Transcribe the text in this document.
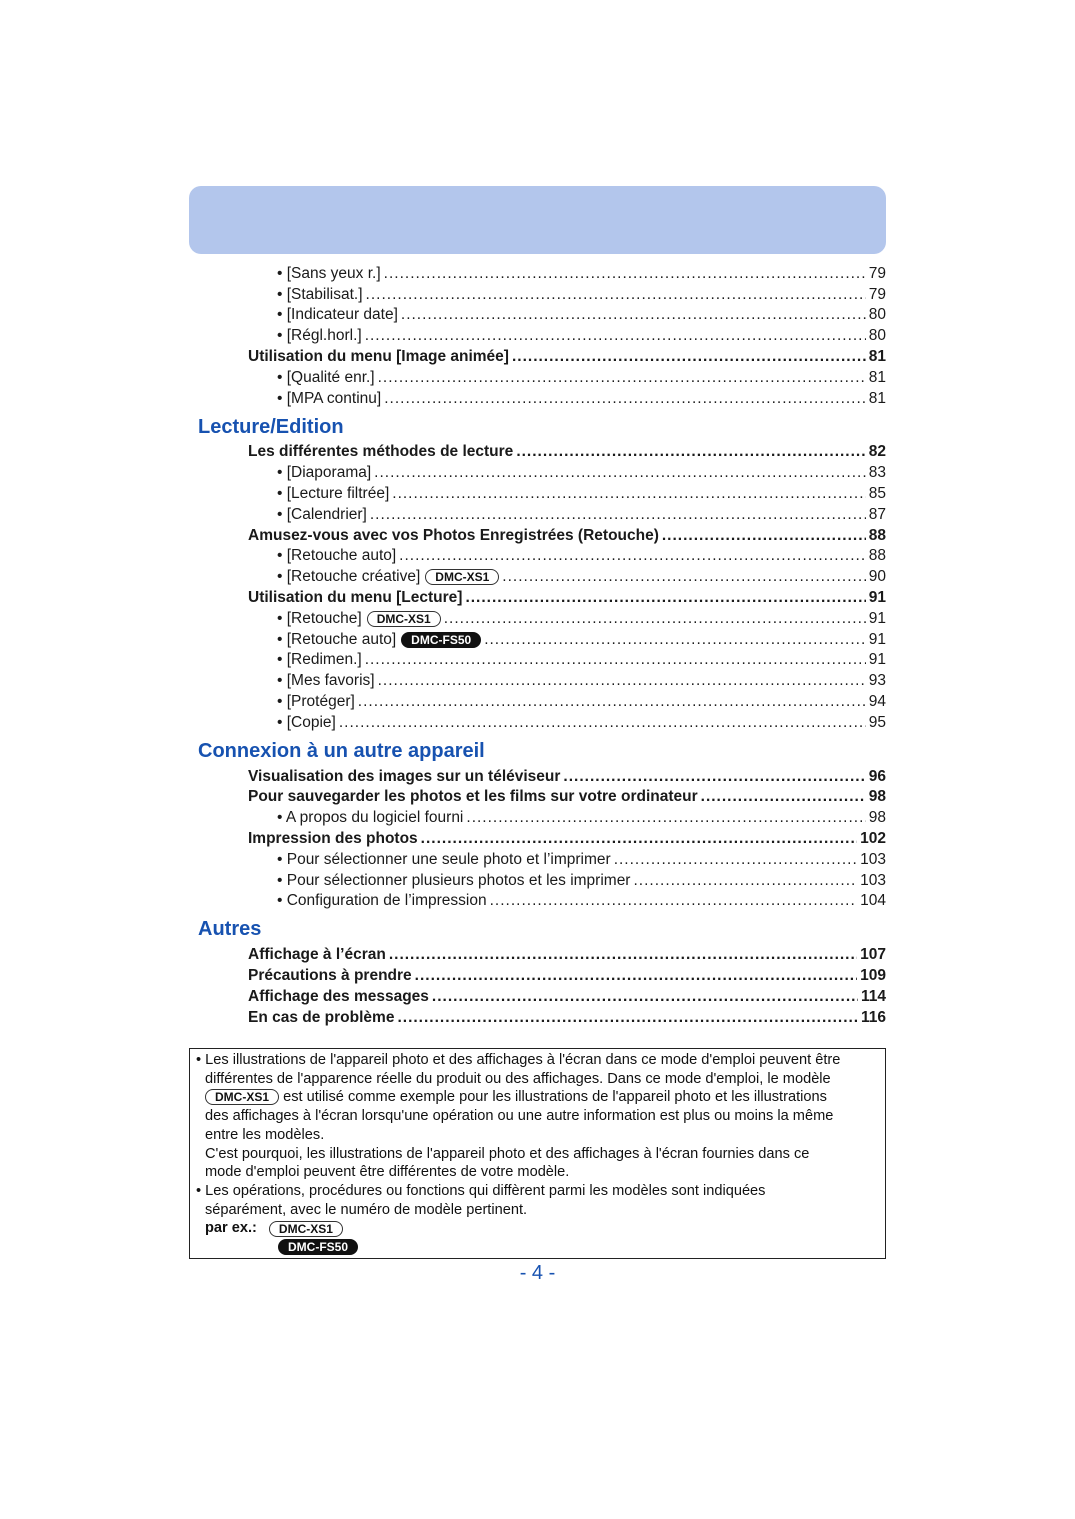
• [Sans yeux r.] .....	79
• [Stabilisat.] .....	79
• [Indicateur date] .....	80
• [Régl.horl.] .....	80
Utilisation du menu [Image animée] .....	81
• [Qualité enr.] .....	81
• [MPA continu] .....	81
Lecture/Edition
Les différentes méthodes de lecture .....	82
• [Diaporama] .....	83
• [Lecture filtrée] .....	85
• [Calendrier] .....	87
Amusez-vous avec vos Photos Enregistrées (Retouche) .....	88
• [Retouche auto] .....	88
• [Retouche créative]	DMC-XS1 .....	90
Utilisation du menu [Lecture] .....	91
• [Retouche]	DMC-XS1 .....	91
• [Retouche auto]	DMC-FS50 .....	91
• [Redimen.] .....	91
• [Mes favoris] .....	93
• [Protéger] .....	94
• [Copie] .....	95
Connexion à un autre appareil
Visualisation des images sur un téléviseur .....	96
Pour sauvegarder les photos et les films sur votre ordinateur .....	98
• A propos du logiciel fourni .....	98
Impression des photos .....	102
• Pour sélectionner une seule photo et l’imprimer .....	103
• Pour sélectionner plusieurs photos et les imprimer .....	103
• Configuration de l’impression .....	104
Autres
Affichage à l’écran .....	107
Précautions à prendre .....	109
Affichage des messages .....	114
En cas de problème .....	116
• Les illustrations de l'appareil photo et des affichages à l'écran dans ce mode d'emploi peuvent être
différentes de l'apparence réelle du produit ou des affichages. Dans ce mode d'emploi, le modèle
DMC-XS1 est utilisé comme exemple pour les illustrations de l'appareil photo et les illustrations
des affichages à l'écran lorsqu'une opération ou une autre information est plus ou moins la même
entre les modèles.
C'est pourquoi, les illustrations de l'appareil photo et des affichages à l'écran fournies dans ce
mode d'emploi peuvent être différentes de votre modèle.
• Les opérations, procédures ou fonctions qui diffèrent parmi les modèles sont indiquées
séparément, avec le numéro de modèle pertinent.
par ex.:	DMC-XS1
DMC-FS50
- 4 -
